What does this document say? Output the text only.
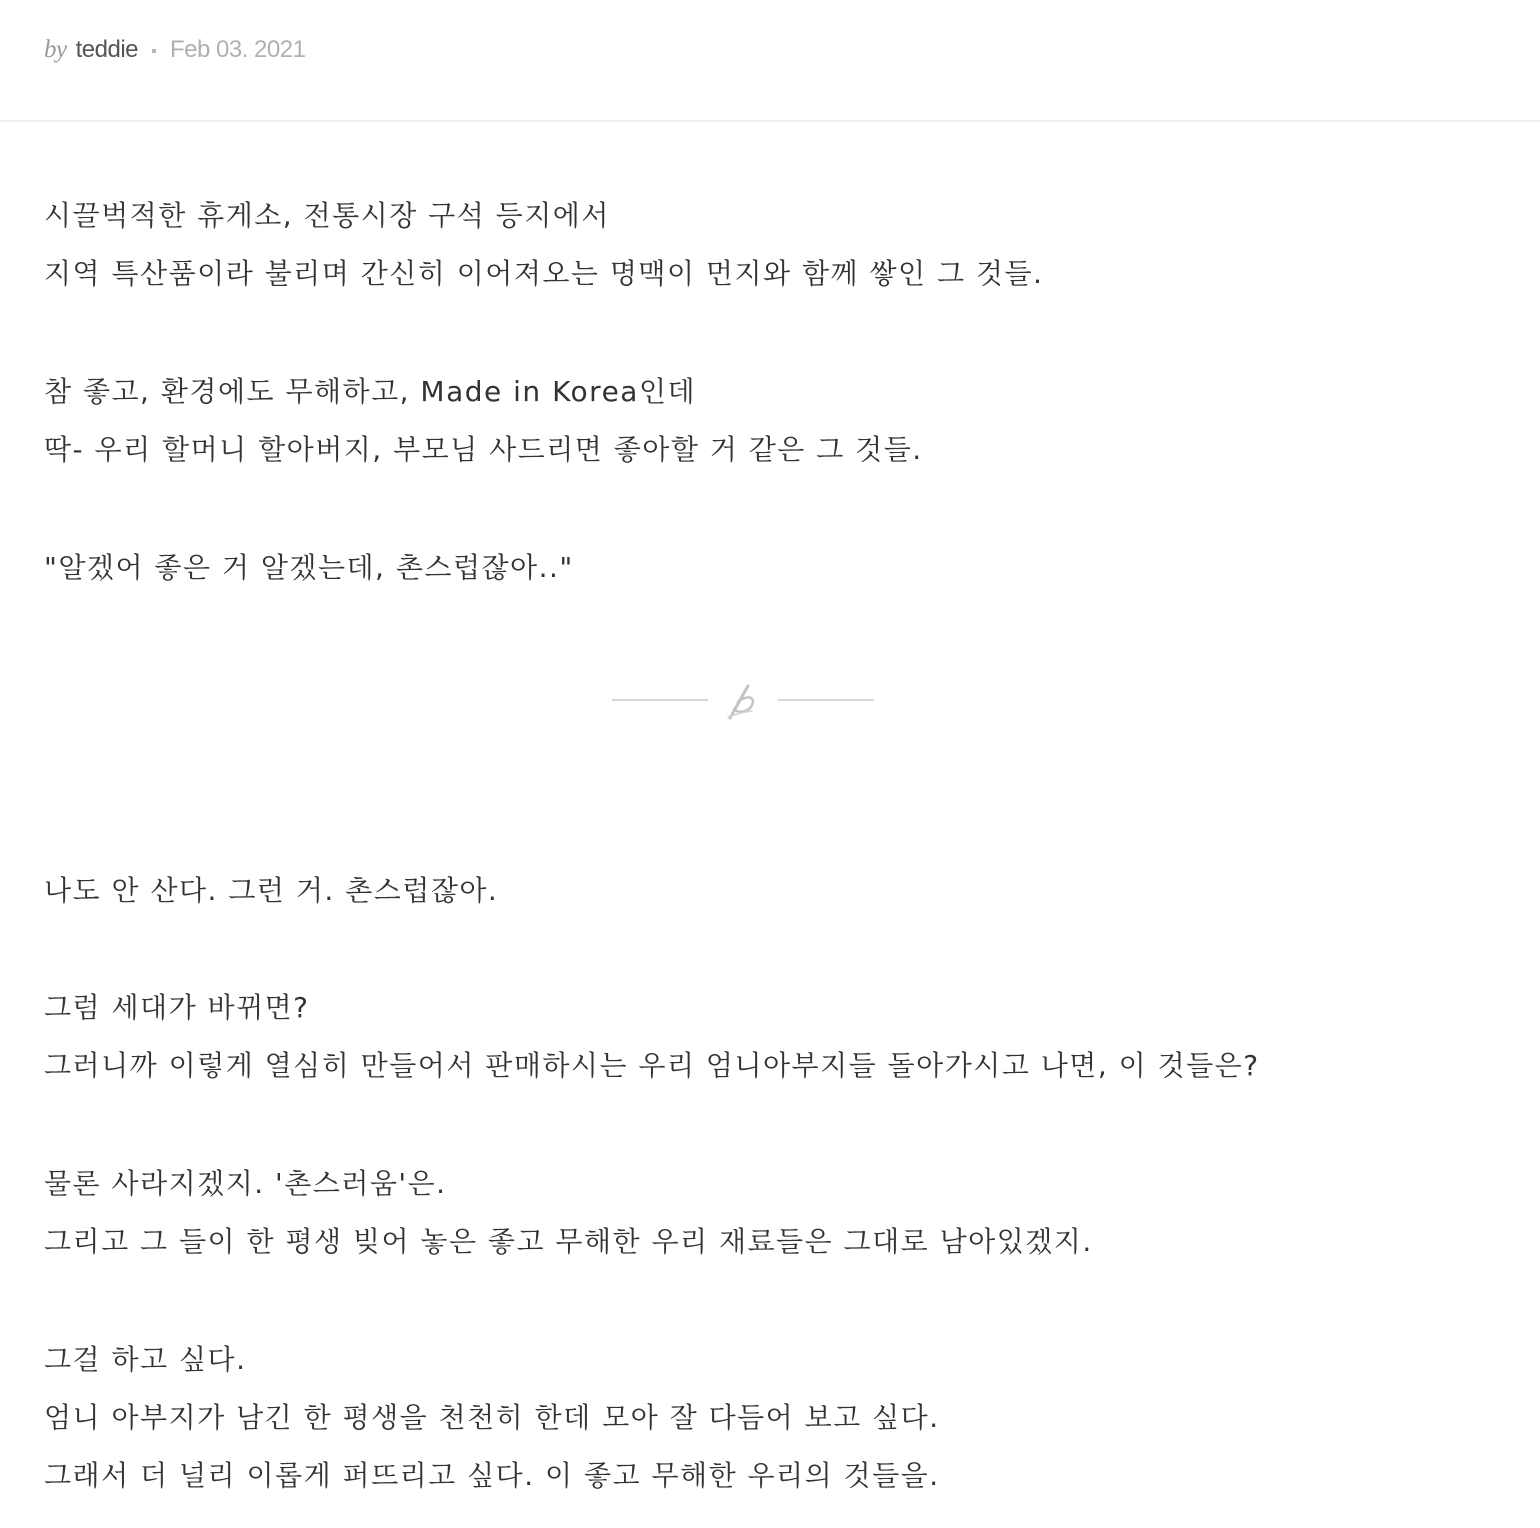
by teddie Feb 03. 2021

시끌벅적한 휴게소, 전통시장 구석 등지에서
지역 특산품이라 불리며 간신히 이어져오는 명맥이 먼지와 함께 쌓인 그 것들.

참 좋고, 환경에도 무해하고, Made in Korea인데
딱- 우리 할머니 할아버지, 부모님 사드리면 좋아할 거 같은 그 것들.

"알겠어 좋은 거 알겠는데, 촌스럽잖아.."

나도 안 산다. 그런 거. 촌스럽잖아.

그럼 세대가 바뀌면?
그러니까 이렇게 열심히 만들어서 판매하시는 우리 엄니아부지들 돌아가시고 나면, 이 것들은?

물론 사라지겠지. '촌스러움'은.
그리고 그 들이 한 평생 빚어 놓은 좋고 무해한 우리 재료들은 그대로 남아있겠지.

그걸 하고 싶다.
엄니 아부지가 남긴 한 평생을 천천히 한데 모아 잘 다듬어 보고 싶다.
그래서 더 널리 이롭게 퍼뜨리고 싶다. 이 좋고 무해한 우리의 것들을.
